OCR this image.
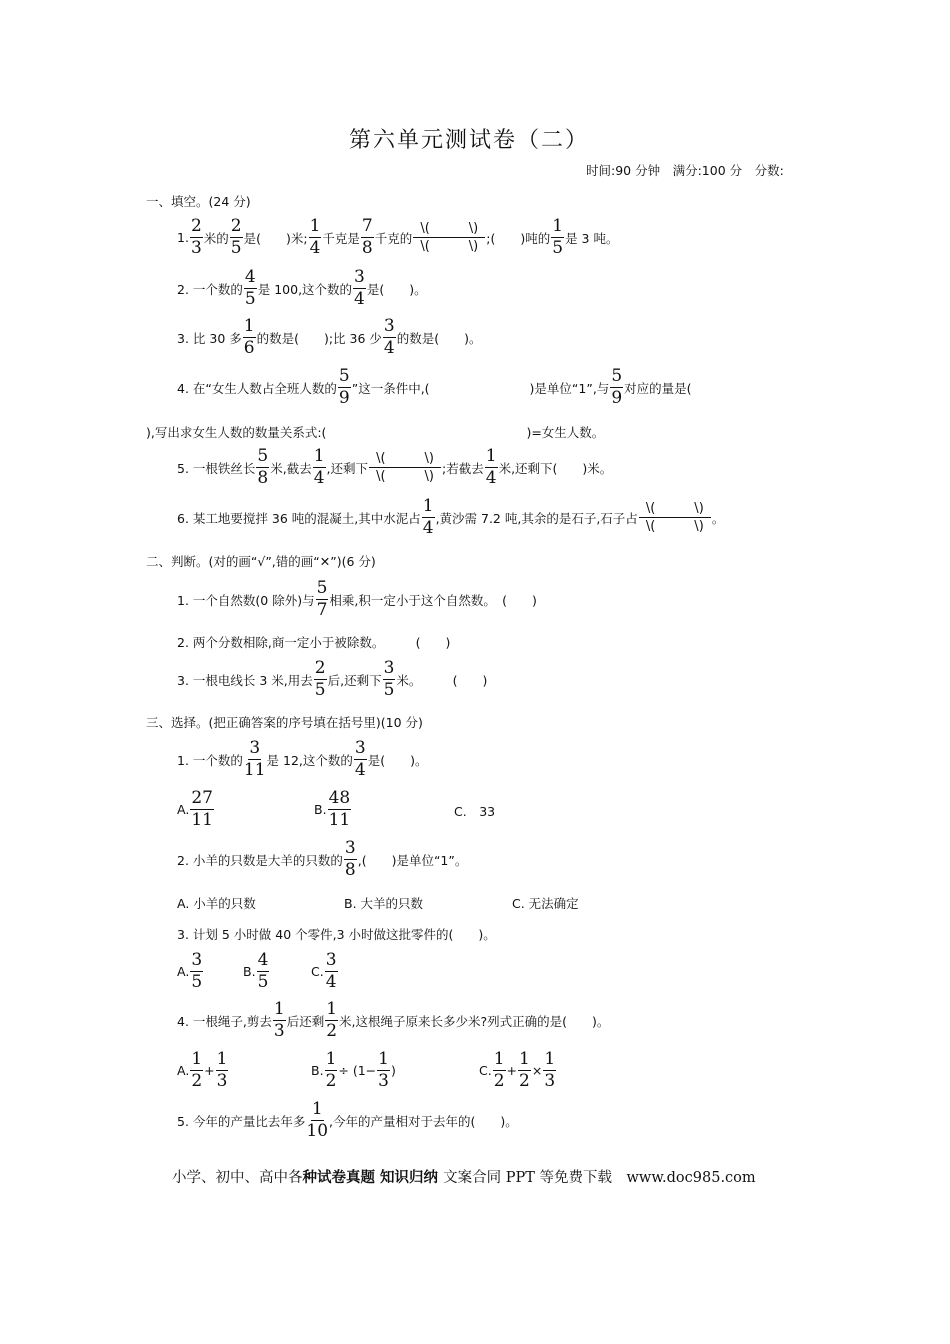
第六单元测试卷（二）
时间:90 分钟　满分:100 分　分数:
一、填空。(24 分)
1.
2
3 米的
2
5 是(　　)米;
1
4 千克是
7
8 千克的
\(　　　\)
\(　　　\)
;(　　)吨的
1
5 是 3 吨。
2. 一个数的
4
5 是 100,这个数的
3
4 是(　　)。
3. 比 30 多
1
6 的数是(　　);比 36 少
3
4 的数是(　　)。
4. 在“女生人数占全班人数的
5
9 ”这一条件中,(　　　　　　　　)是单位“1”,与
5
9 对应的量是(
),写出求女生人数的数量关系式:(　　　　　　　　　　　　　　　　)=女生人数。
5. 一根铁丝长
5
8 米,截去
1
4 ,还剩下
\(　　　\)
\(　　　\)
;若截去
1
4 米,还剩下(　　)米。
6. 某工地要搅拌 36 吨的混凝土,其中水泥占
1
4 ,黄沙需 7.2 吨,其余的是石子,石子占
\(　　　\)
\(　　　\)
。
二、判断。(对的画“√”,错的画“✕”)(6 分)
1. 一个自然数(0 除外)与
5
7 相乘,积一定小于这个自然数。　(　　)
2. 两个分数相除,商一定小于被除数。　　　(　　)
3. 一根电线长 3 米,用去
2
5 后,还剩下
3
5 米。　　　(　　)
三、选择。(把正确答案的序号填在括号里)(10 分)
1. 一个数的
3
11 是 12,这个数的
3
4 是(　　)。
A.
27
11
B.
48
11	C.　33
2. 小羊的只数是大羊的只数的
3
8 ,(　　)是单位“1”。
A. 小羊的只数	B. 大羊的只数	C. 无法确定
3. 计划 5 小时做 40 个零件,3 小时做这批零件的(　　)。
A.
3
5
B.
4
5
C.
3
4
4. 一根绳子,剪去
1
3 后还剩
1
2 米,这根绳子原来长多少米?列式正确的是(　　)。
A.
1
2
+ $\frac{1}{3}$	B. $\frac{1}{2} \div (1- \frac{1}{3}$ )	C.
1
2
+ $\frac{1}{2} \times \frac{1}{3}$
5. 今年的产量比去年多
1
10 ,今年的产量相对于去年的(　　)。
小学、初中、高中各种试卷真题 知识归纳 文案合同 PPT 等免费下载　www.doc985.com
